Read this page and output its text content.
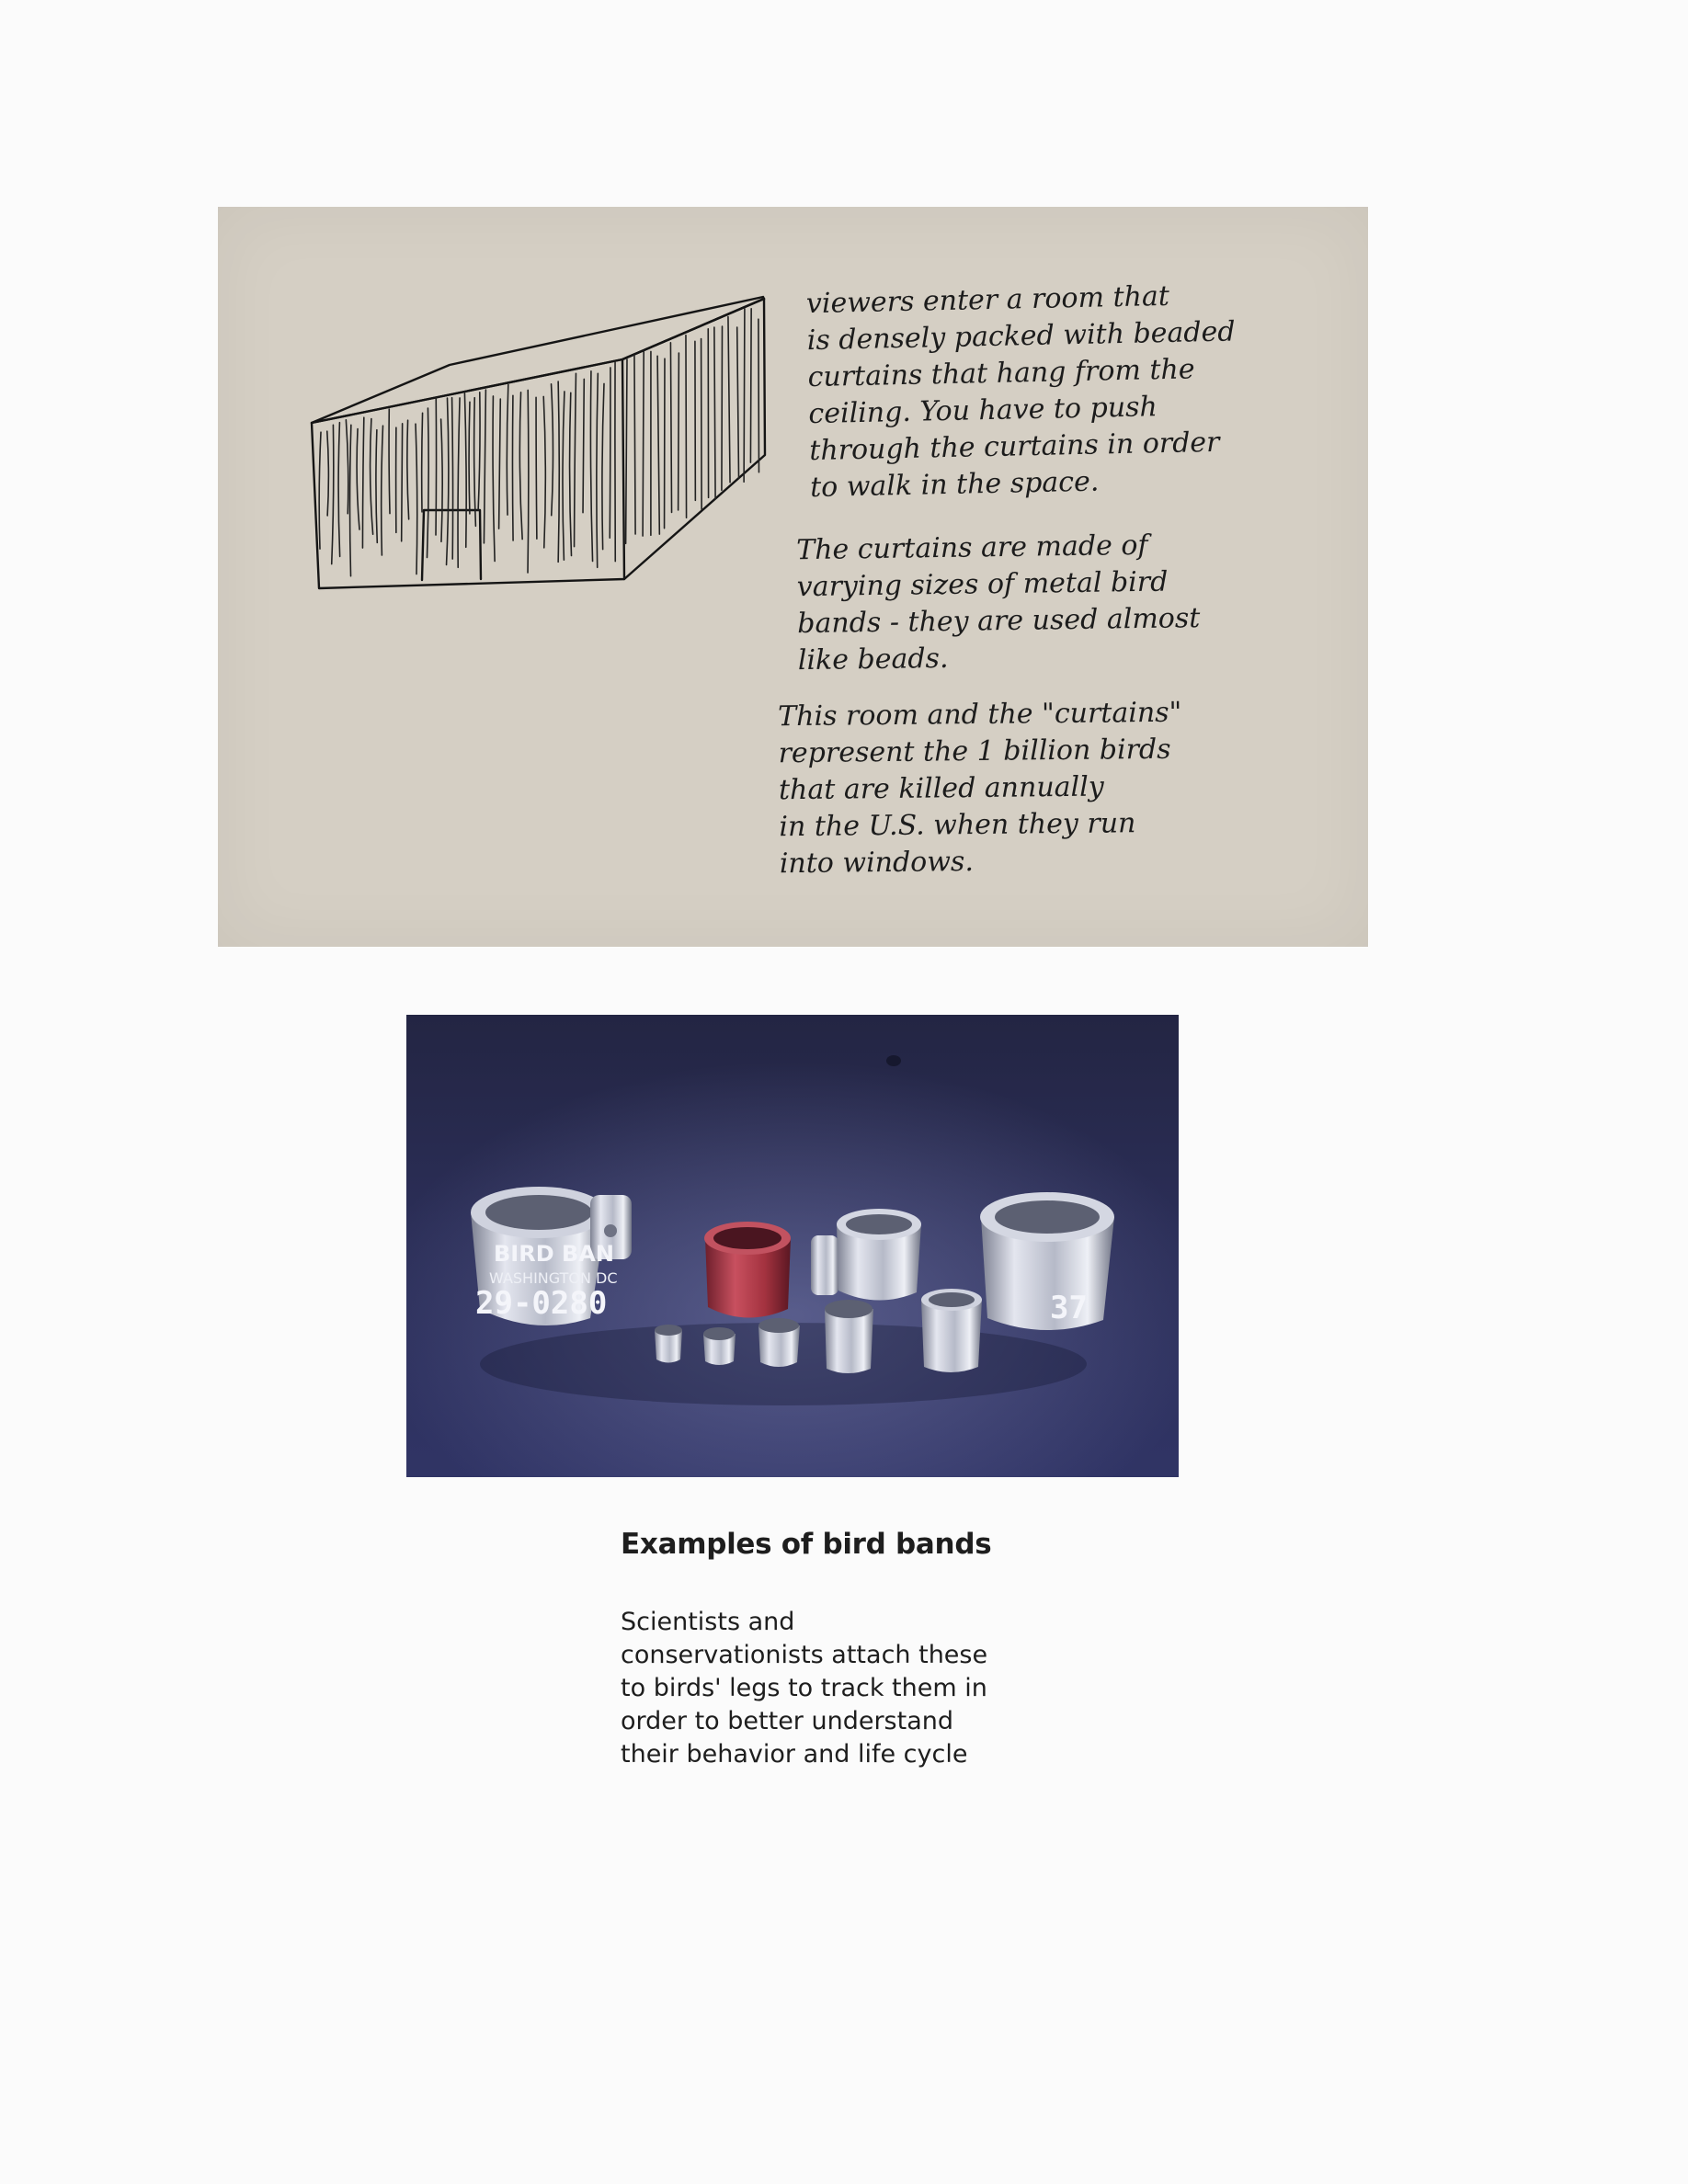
viewers enter a room that
is densely packed with beaded
curtains that hang from the
ceiling. You have to push
through the curtains in order
to walk in the space.

The curtains are made of
varying sizes of metal bird
bands - they are used almost
like beads.

This room and the "curtains"
represent the 1 billion birds
that are killed annually
in the U.S. when they run
into windows.

BIRD BAN
WASHINGTON DC
29-0280	37
Examples of bird bands

Scientists and
conservationists attach these
to birds' legs to track them in
order to better understand
their behavior and life cycle
